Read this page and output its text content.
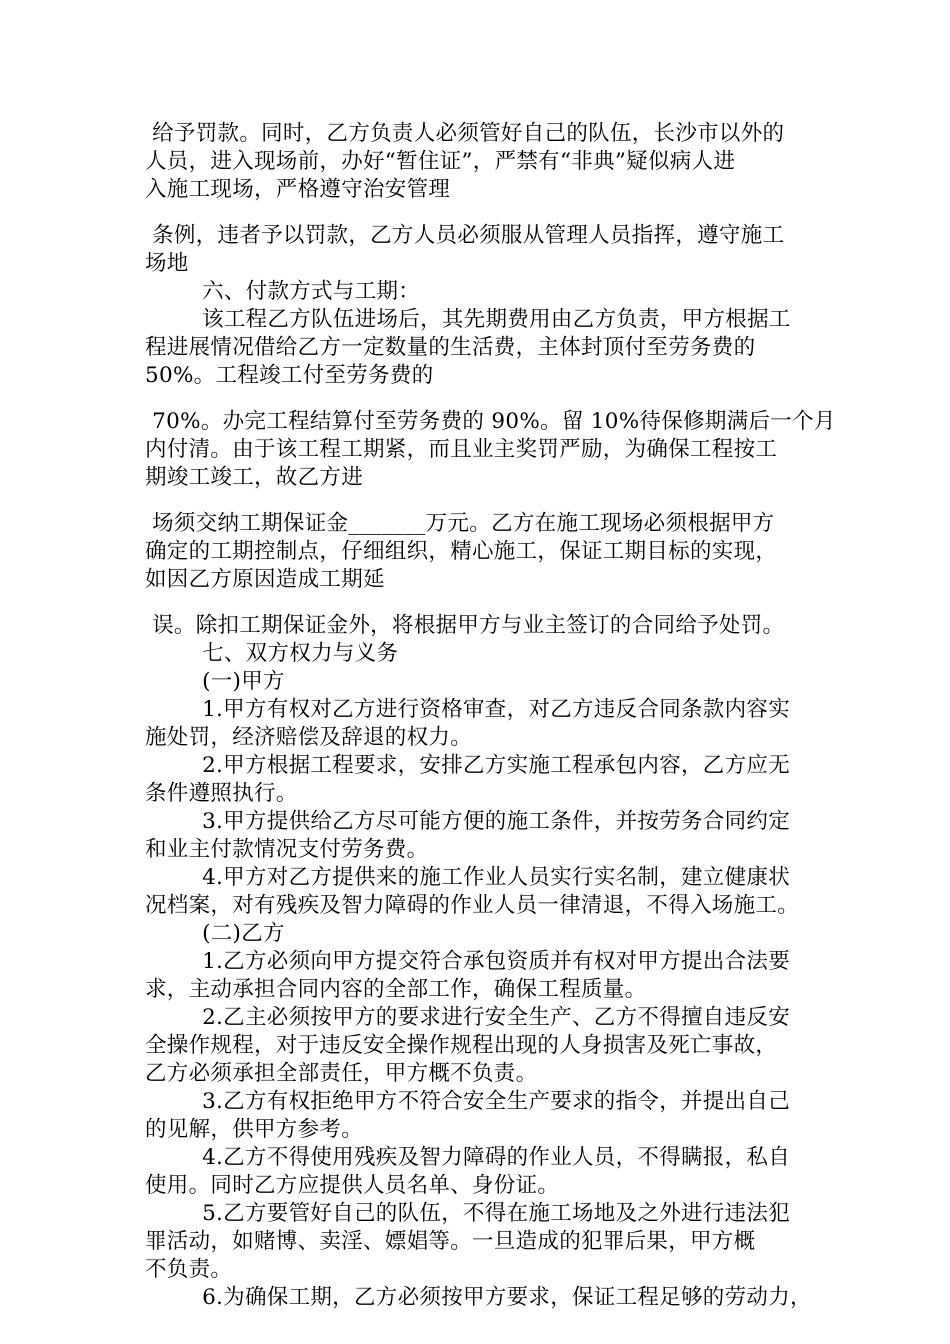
给予罚款。同时，乙方负责人必须管好自己的队伍，长沙市以外的
人员，进入现场前，办好“暂住证”，严禁有“非典”疑似病人进
入施工现场，严格遵守治安管理
条例，违者予以罚款，乙方人员必须服从管理人员指挥，遵守施工
场地
六、付款方式与工期：
该工程乙方队伍进场后，其先期费用由乙方负责，甲方根据工
程进展情况借给乙方一定数量的生活费，主体封顶付至劳务费的
50%。工程竣工付至劳务费的
70%。办完工程结算付至劳务费的 90%。留 10%待保修期满后一个月
内付清。由于该工程工期紧，而且业主奖罚严励，为确保工程按工
期竣工竣工，故乙方进
场须交纳工期保证金_______万元。乙方在施工现场必须根据甲方
确定的工期控制点，仔细组织，精心施工，保证工期目标的实现，
如因乙方原因造成工期延
误。除扣工期保证金外，将根据甲方与业主签订的合同给予处罚。
七、双方权力与义务
(一)甲方
1.甲方有权对乙方进行资格审查，对乙方违反合同条款内容实
施处罚，经济赔偿及辞退的权力。
2.甲方根据工程要求，安排乙方实施工程承包内容，乙方应无
条件遵照执行。
3.甲方提供给乙方尽可能方便的施工条件，并按劳务合同约定
和业主付款情况支付劳务费。
4.甲方对乙方提供来的施工作业人员实行实名制，建立健康状
况档案，对有残疾及智力障碍的作业人员一律清退，不得入场施工。
(二)乙方
1.乙方必须向甲方提交符合承包资质并有权对甲方提出合法要
求，主动承担合同内容的全部工作，确保工程质量。
2.乙主必须按甲方的要求进行安全生产、乙方不得擅自违反安
全操作规程，对于违反安全操作规程出现的人身损害及死亡事故，
乙方必须承担全部责任，甲方概不负责。
3.乙方有权拒绝甲方不符合安全生产要求的指令，并提出自己
的见解，供甲方参考。
4.乙方不得使用残疾及智力障碍的作业人员，不得瞒报，私自
使用。同时乙方应提供人员名单、身份证。
5.乙方要管好自己的队伍，不得在施工场地及之外进行违法犯
罪活动，如赌博、卖淫、嫖娼等。一旦造成的犯罪后果，甲方概
不负责。
6.为确保工期，乙方必须按甲方要求，保证工程足够的劳动力，
